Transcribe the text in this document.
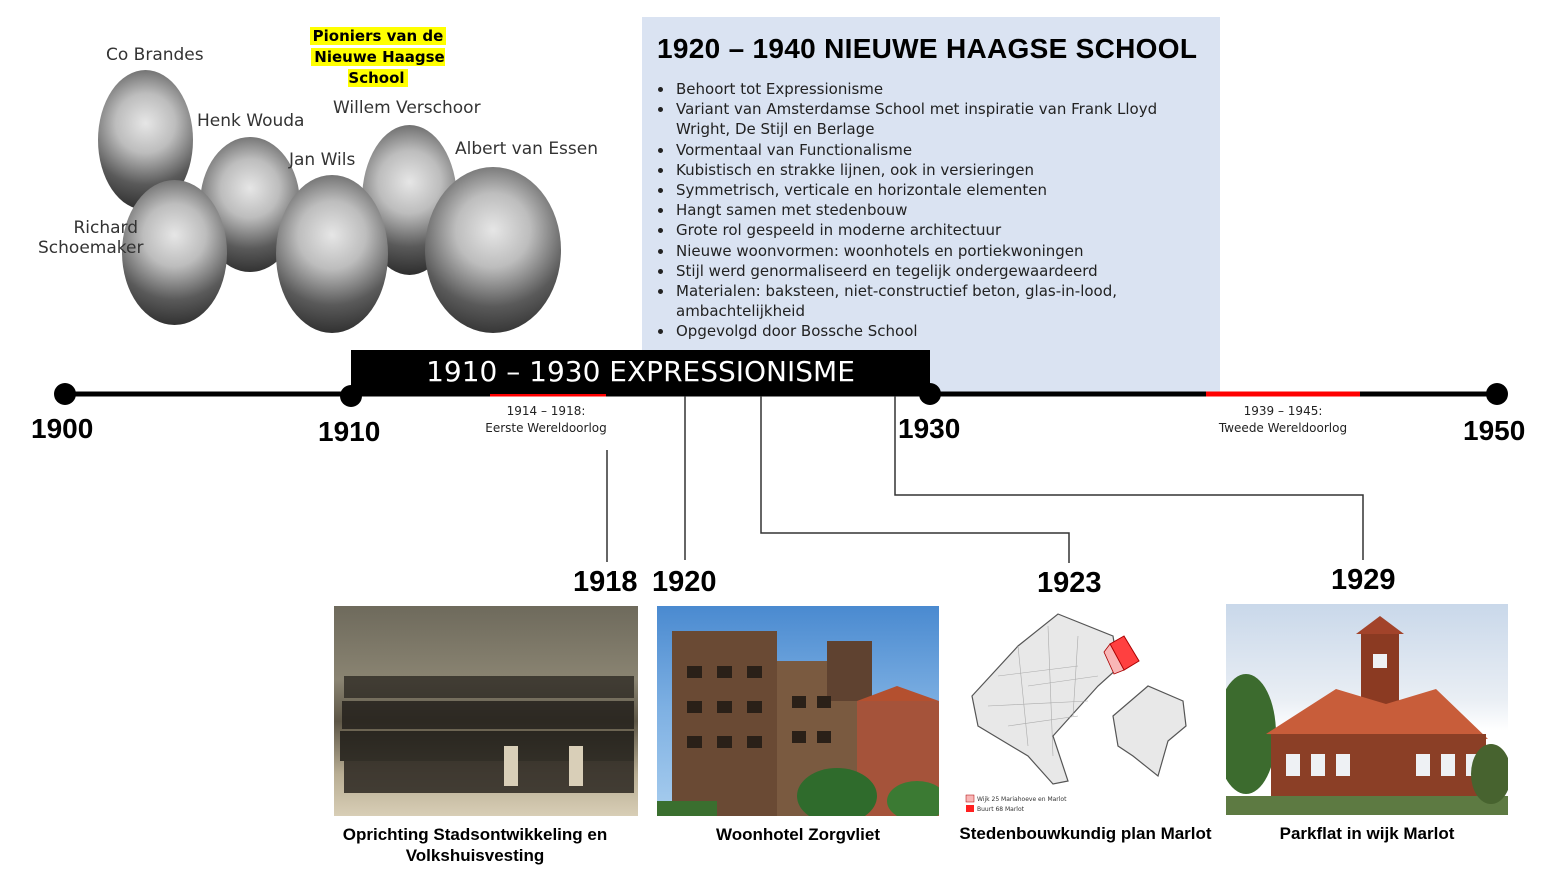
Pioniers van de
Nieuwe Haagse School
Co Brandes
Henk Wouda
Willem Verschoor
Jan Wils
Albert van Essen
Richard
Schoemaker
1920 – 1940 NIEUWE HAAGSE SCHOOL
• Behoort tot Expressionisme
• Variant van Amsterdamse School met inspiratie van Frank Lloyd Wright, De Stijl en Berlage
• Vormentaal van Functionalisme
• Kubistisch en strakke lijnen, ook in versieringen
• Symmetrisch, verticale en horizontale elementen
• Hangt samen met stedenbouw
• Grote rol gespeeld in moderne architectuur
• Nieuwe woonvormen: woonhotels en portiekwoningen
• Stijl werd genormaliseerd en tegelijk ondergewaardeerd
• Materialen: baksteen, niet-constructief beton, glas-in-lood, ambachtelijkheid
• Opgevolgd door Bossche School
1910 – 1930 EXPRESSIONISME
1900	1910	1930	1950
1914 – 1918:
Eerste Wereldoorlog
1939 – 1945:
Tweede Wereldoorlog
1918 1920	1923	1929
Wijk 25 Mariahoeve en Marlot
Buurt 68 Marlot
Oprichting Stadsontwikkeling en
Volkshuisvesting
Woonhotel Zorgvliet	Stedenbouwkundig plan Marlot	Parkflat in wijk Marlot
